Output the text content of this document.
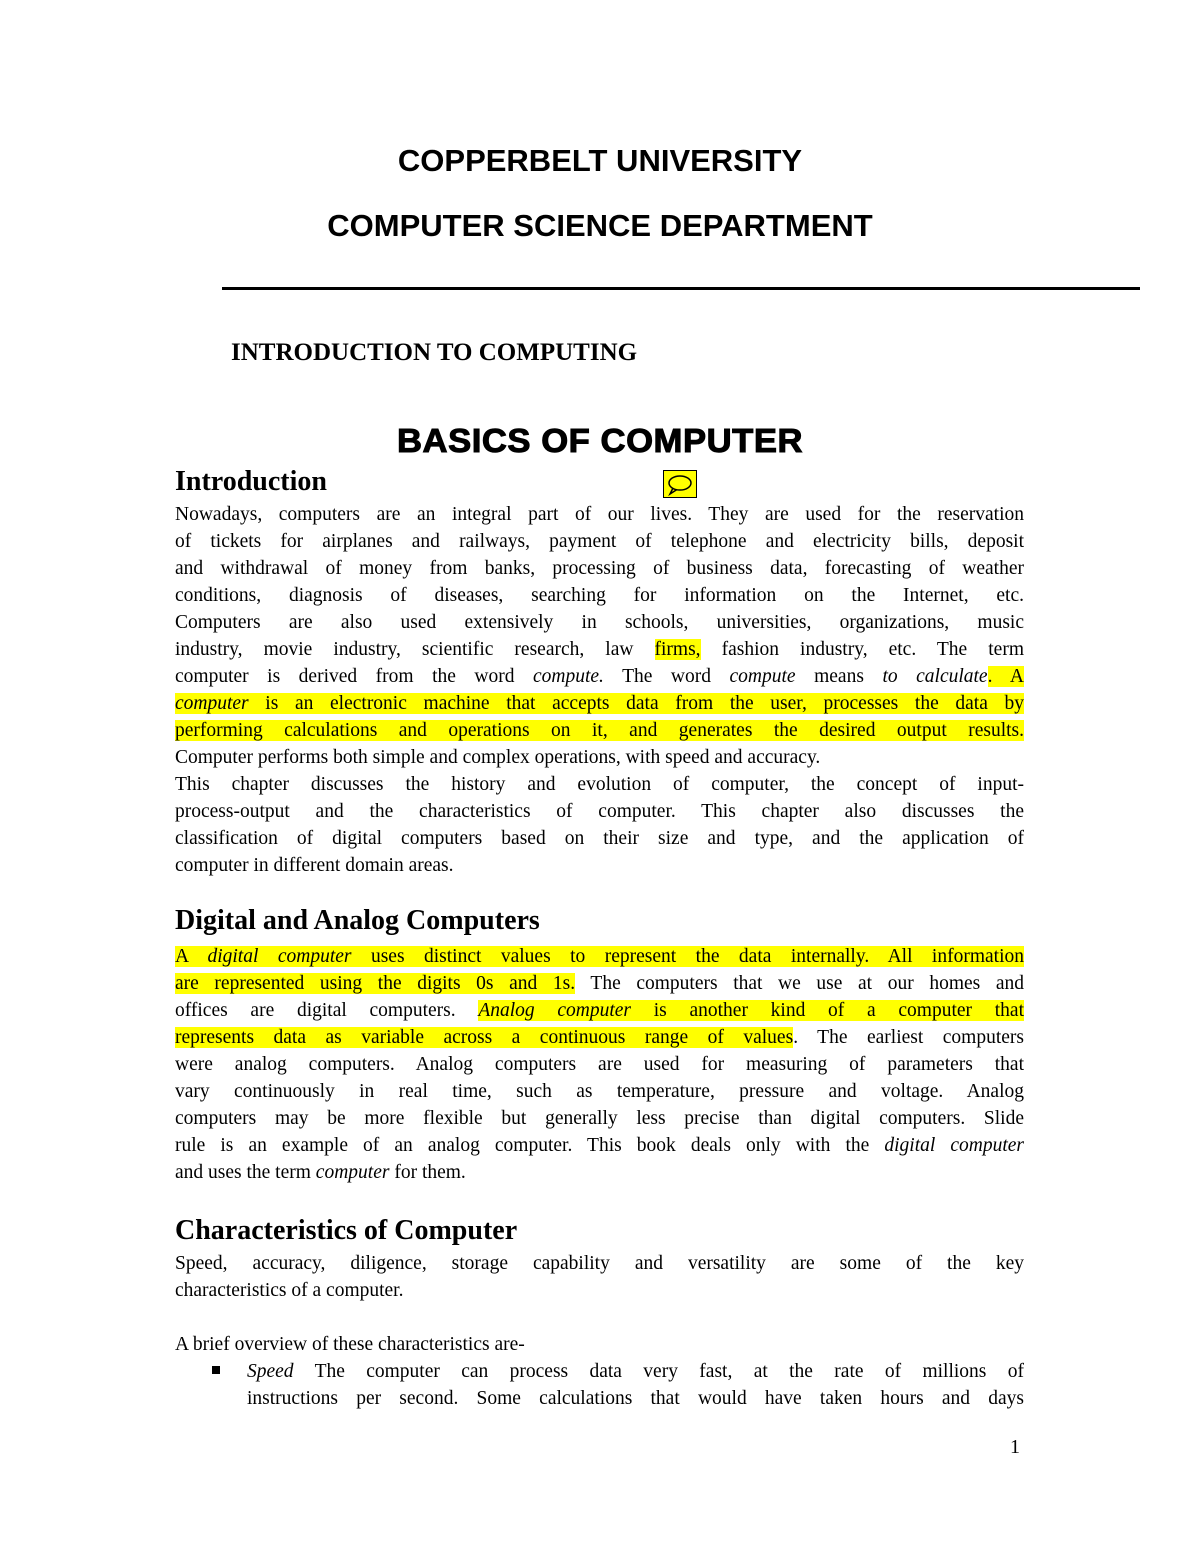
COPPERBELT UNIVERSITY
COMPUTER SCIENCE DEPARTMENT
INTRODUCTION TO COMPUTING
BASICS OF COMPUTER
Introduction
Nowadays, computers are an integral part of our lives. They are used for the reservation
of tickets for airplanes and railways, payment of telephone and electricity bills, deposit
and withdrawal of money from banks, processing of business data, forecasting of weather
conditions, diagnosis of diseases, searching for information on the Internet, etc.
Computers are also used extensively in schools, universities, organizations, music
industry, movie industry, scientific research, law firms, fashion industry, etc. The term
computer is derived from the word compute. The word compute means to calculate. A
computer is an electronic machine that accepts data from the user, processes the data by
performing calculations and operations on it, and generates the desired output results.
Computer performs both simple and complex operations, with speed and accuracy.
This chapter discusses the history and evolution of computer, the concept of input-
process-output and the characteristics of computer. This chapter also discusses the
classification of digital computers based on their size and type, and the application of
computer in different domain areas.
Digital and Analog Computers
A digital computer uses distinct values to represent the data internally. All information
are represented using the digits 0s and 1s. The computers that we use at our homes and
offices are digital computers. Analog computer is another kind of a computer that
represents data as variable across a continuous range of values. The earliest computers
were analog computers. Analog computers are used for measuring of parameters that
vary continuously in real time, such as temperature, pressure and voltage. Analog
computers may be more flexible but generally less precise than digital computers. Slide
rule is an example of an analog computer. This book deals only with the digital computer
and uses the term computer for them.
Characteristics of Computer
Speed, accuracy, diligence, storage capability and versatility are some of the key
characteristics of a computer.
A brief overview of these characteristics are-
Speed The computer can process data very fast, at the rate of millions of
instructions per second. Some calculations that would have taken hours and days
1
